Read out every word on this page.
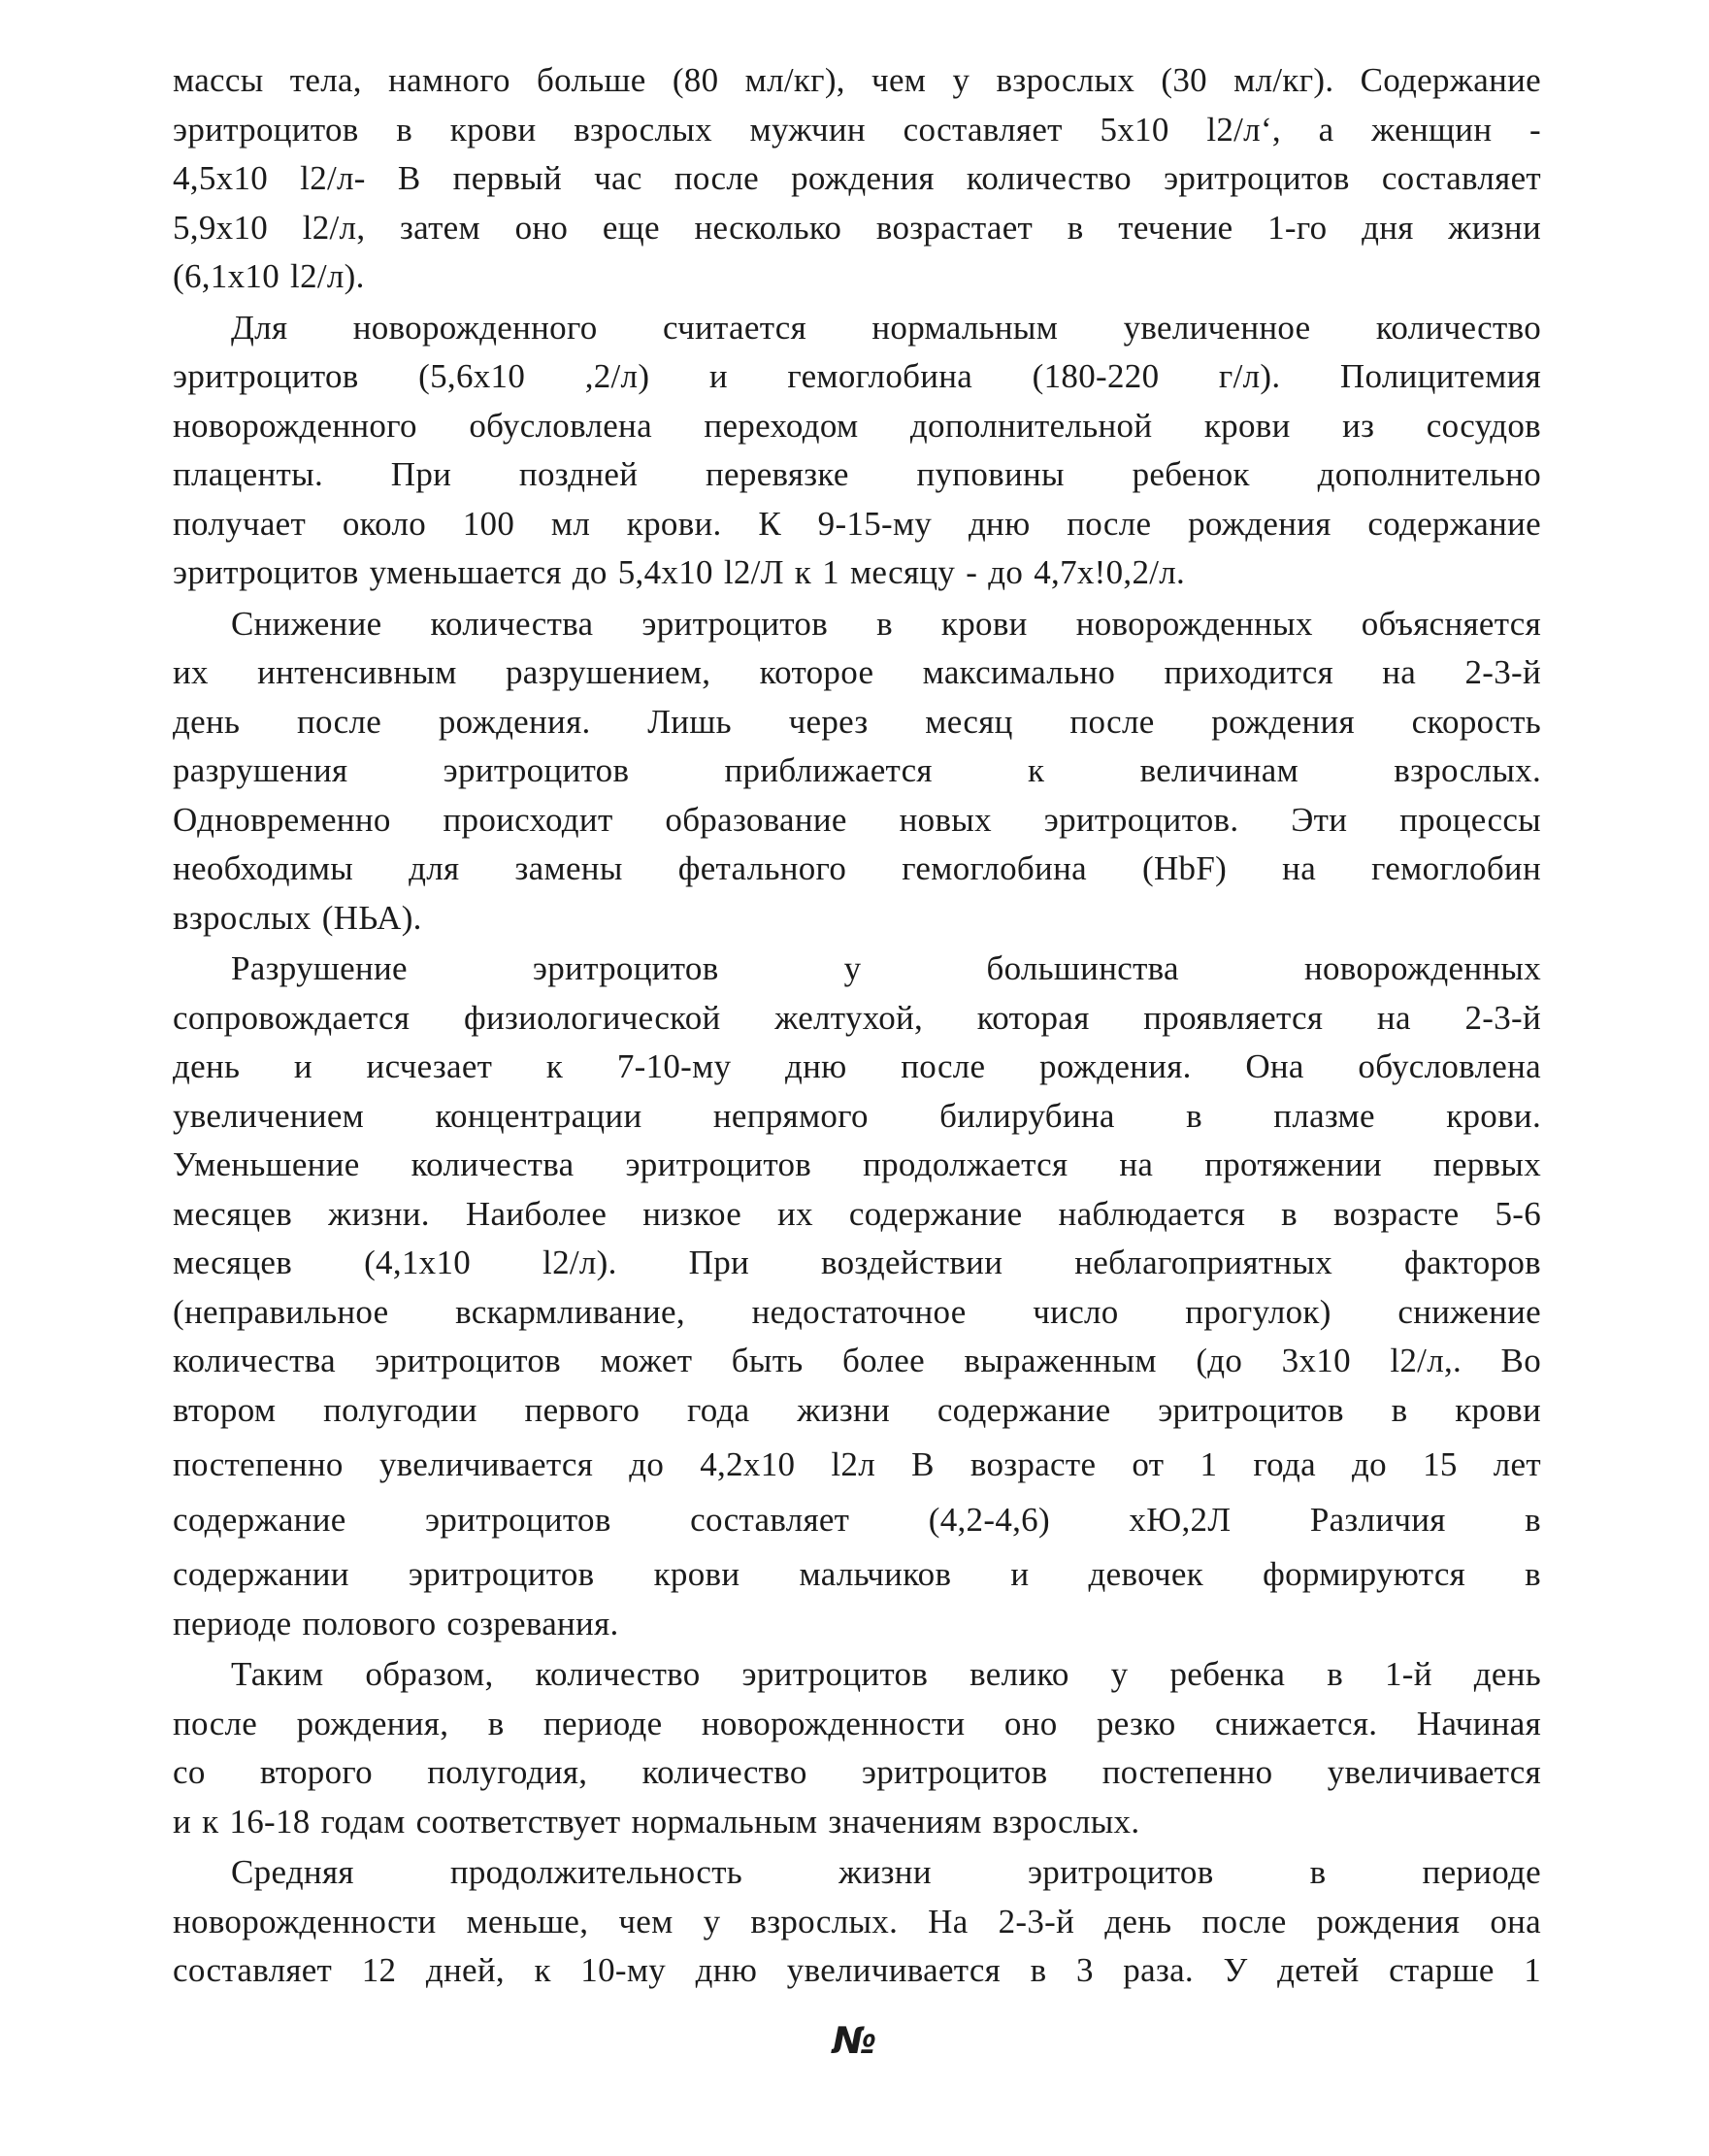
массы тела, намного больше (80 мл/кг), чем у взрослых (30 мл/кг). Содержание
эритроцитов в крови взрослых мужчин составляет 5x10 l2/л‘, а женщин -
4,5x10 l2/л- В первый час после рождения количество эритроцитов составляет
5,9x10 l2/л, затем оно еще несколько возрастает в течение 1-го дня жизни
(6,1x10 l2/л).
Для новорожденного считается нормальным увеличенное количество
эритроцитов (5,6x10 ,2/л) и гемоглобина (180-220 г/л). Полицитемия
новорожденного обусловлена переходом дополнительной крови из сосудов
плаценты. При поздней перевязке пуповины ребенок дополнительно
получает около 100 мл крови. К 9-15-му дню после рождения содержание
эритроцитов уменьшается до 5,4x10 l2/Л к 1 месяцу - до 4,7x!0,2/л.
Снижение количества эритроцитов в крови новорожденных объясняется
их интенсивным разрушением, которое максимально приходится на 2-3-й
день после рождения. Лишь через месяц после рождения скорость
разрушения эритроцитов приближается к величинам взрослых.
Одновременно происходит образование новых эритроцитов. Эти процессы
необходимы для замены фетального гемоглобина (HbF) на гемоглобин
взрослых (НЬА).
Разрушение эритроцитов у большинства новорожденных
сопровождается физиологической желтухой, которая проявляется на 2-3-й
день и исчезает к 7-10-му дню после рождения. Она обусловлена
увеличением концентрации непрямого билирубина в плазме крови.
Уменьшение количества эритроцитов продолжается на протяжении первых
месяцев жизни. Наиболее низкое их содержание наблюдается в возрасте 5-6
месяцев (4,1x10 l2/л). При воздействии неблагоприятных факторов
(неправильное вскармливание, недостаточное число прогулок) снижение
количества эритроцитов может быть более выраженным (до 3x10 l2/л,. Во
втором полугодии первого года жизни содержание эритроцитов в крови
постепенно увеличивается до 4,2x10 l2л В возрасте от 1 года до 15 лет
содержание эритроцитов составляет (4,2-4,6) хЮ,2Л Различия в
содержании эритроцитов крови мальчиков и девочек формируются в
периоде полового созревания.
Таким образом, количество эритроцитов велико у ребенка в 1-й день
после рождения, в периоде новорожденности оно резко снижается. Начиная
со второго полугодия, количество эритроцитов постепенно увеличивается
и к 16-18 годам соответствует нормальным значениям взрослых.
Средняя продолжительность жизни эритроцитов в периоде
новорожденности меньше, чем у взрослых. На 2-3-й день после рождения она
составляет 12 дней, к 10-му дню увеличивается в 3 раза. У детей старше 1
№
